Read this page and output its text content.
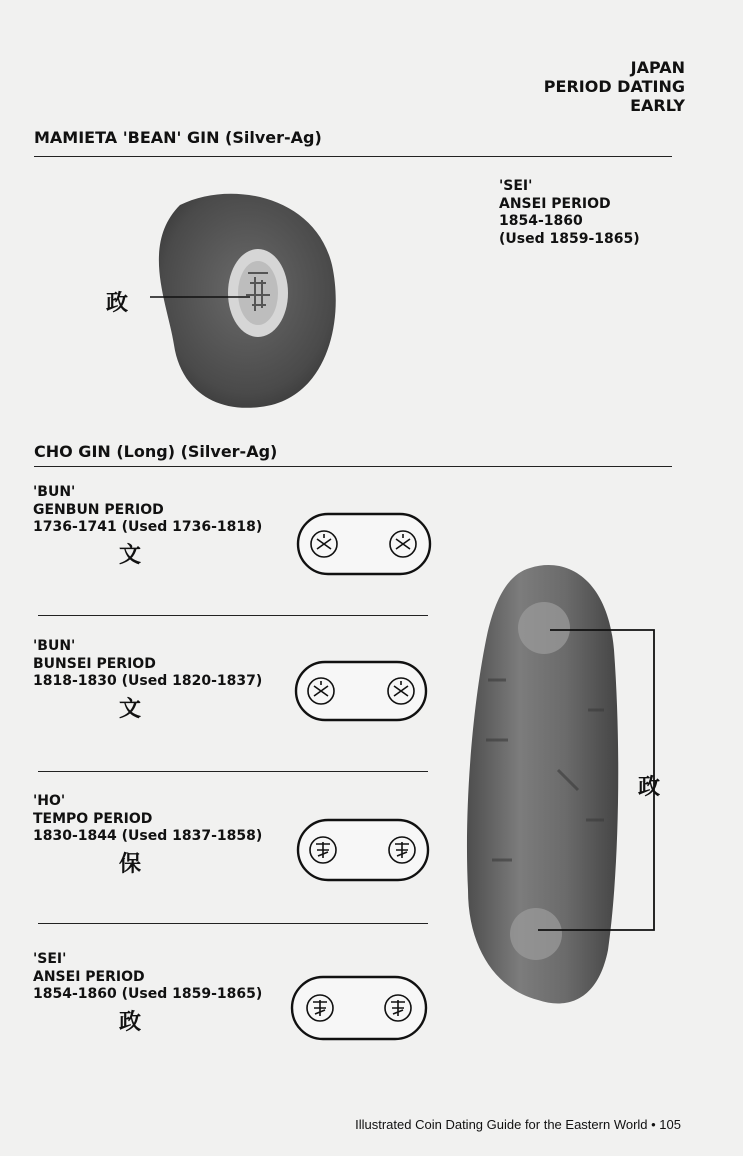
JAPAN
PERIOD DATING
EARLY
MAMIETA 'BEAN' GIN (Silver-Ag)
'SEI'
ANSEI PERIOD
1854-1860
(Used 1859-1865)
政
CHO GIN (Long) (Silver-Ag)
'BUN'
GENBUN PERIOD
1736-1741 (Used 1736-1818)
文
'BUN'
BUNSEI PERIOD
1818-1830 (Used 1820-1837)
文
'HO'
TEMPO PERIOD
1830-1844 (Used 1837-1858)
保
'SEI'
ANSEI PERIOD
1854-1860 (Used 1859-1865)
政
政
Illustrated Coin Dating Guide for the Eastern World • 105
